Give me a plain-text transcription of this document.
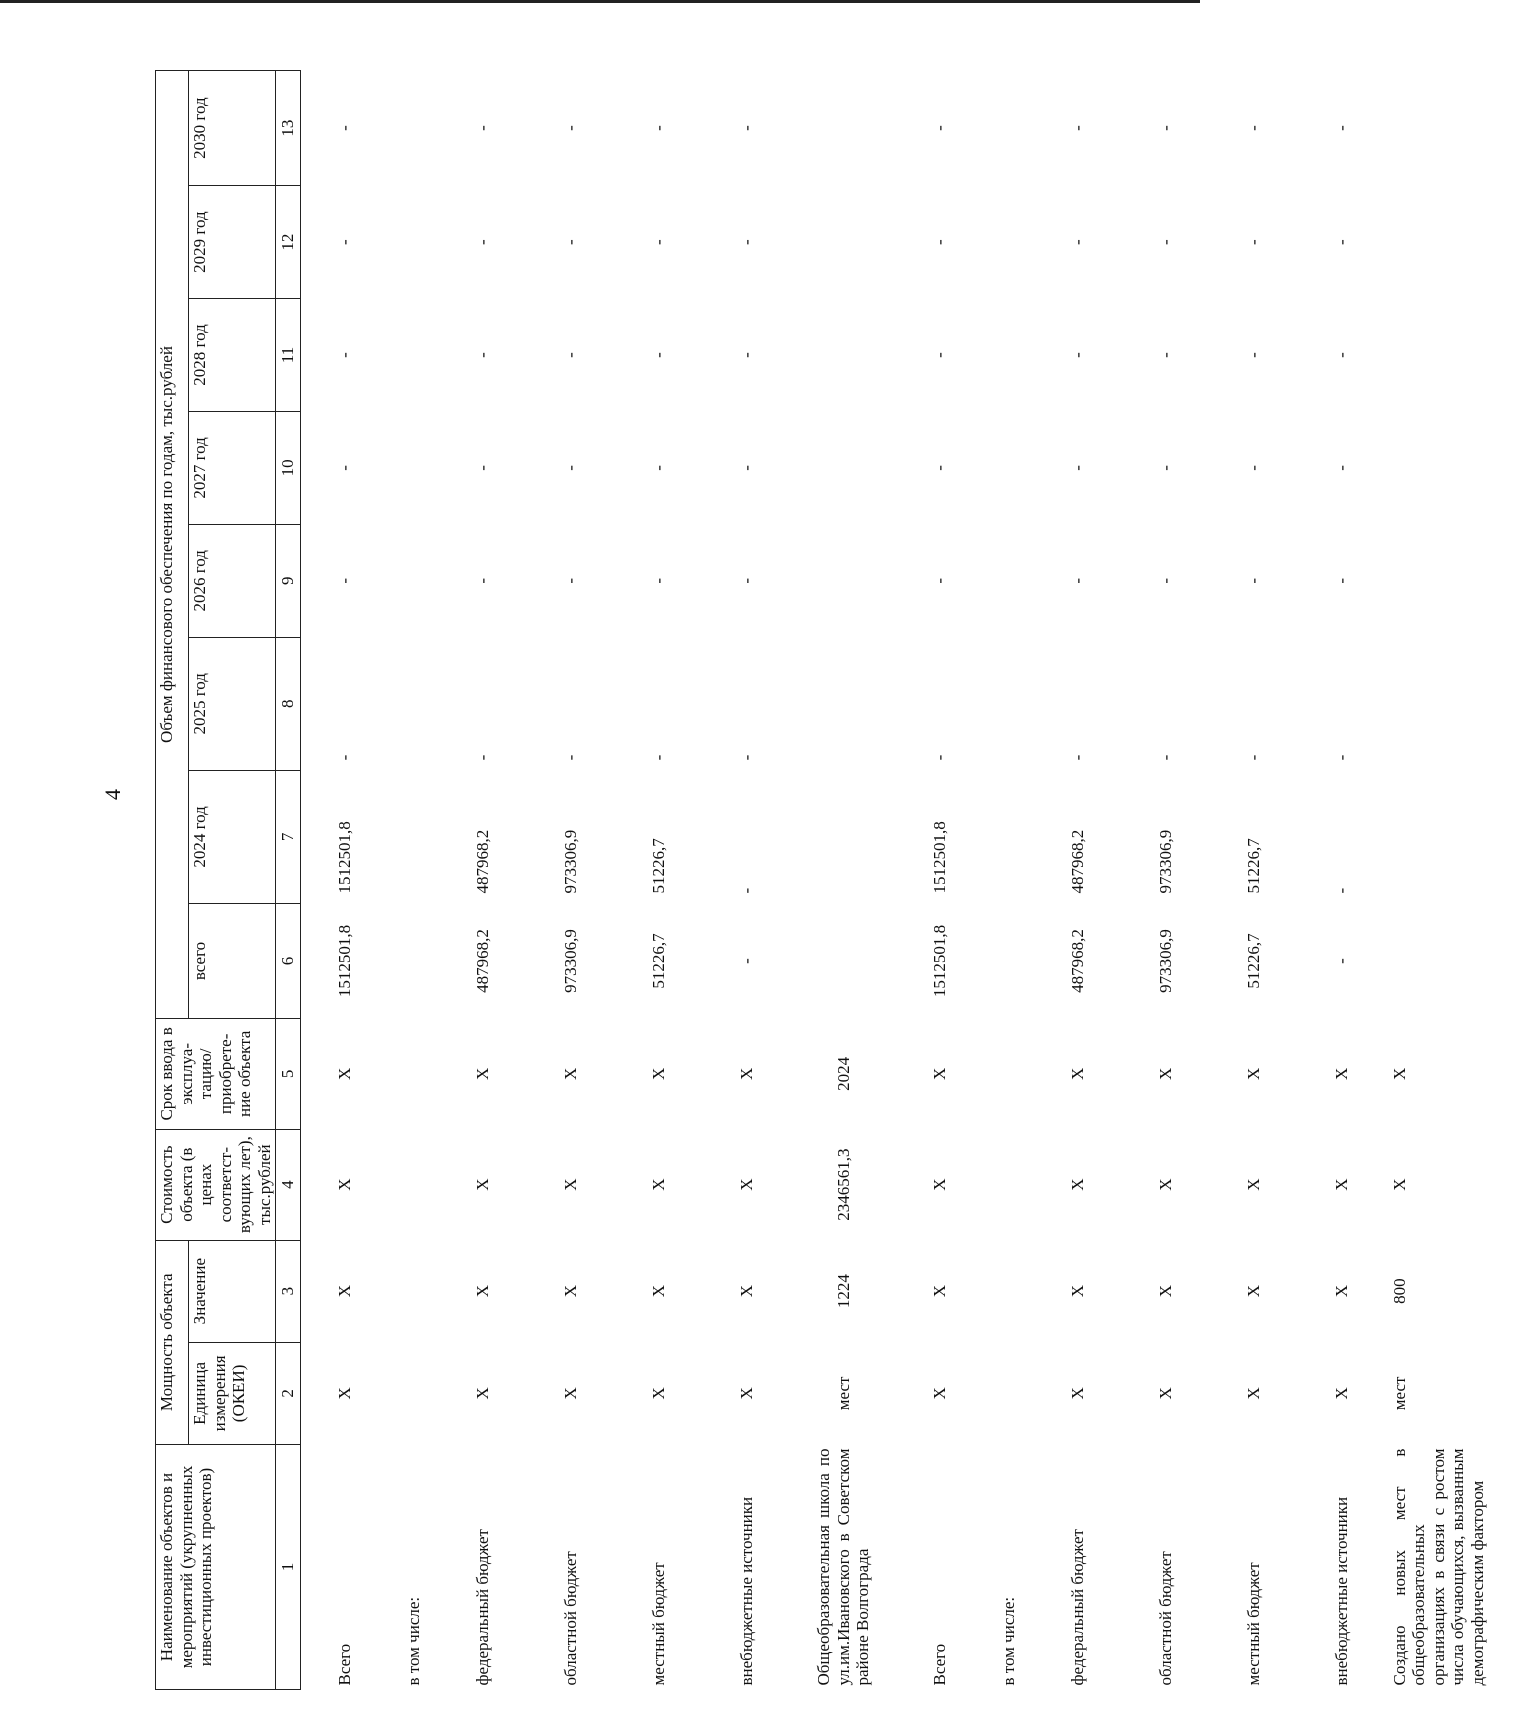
4
Наименование объектов и мероприятий (укрупненных инвестиционных проектов)	Мощность объекта		Стоимость объекта (в ценах соответст-вующих лет), тыс.рублей	Срок ввода в эксплуа-тацию/ приобрете-ние объекта	Объем финансового обеспечения по годам, тыс.рублей							
	Единица измерения (ОКЕИ)	Значение			всего	2024 год	2025 год	2026 год	2027 год	2028 год	2029 год	2030 год
1	2	3	4	5	6	7	8	9	10	11	12	13
Всего	X	X	X	X	1512501,8	1512501,8	-	-	-	-	-	-
в том числе:												
федеральный бюджет	X	X	X	X	487968,2	487968,2	-	-	-	-	-	-
областной бюджет	X	X	X	X	973306,9	973306,9	-	-	-	-	-	-
местный бюджет	X	X	X	X	51226,7	51226,7	-	-	-	-	-	-
внебюджетные источники	X	X	X	X	-	-	-	-	-	-	-	-
Общеобразовательная школа по ул.им.Ивановского в Советском районе Волгограда	мест	1224	2346561,3	2024								
Всего	X	X	X	X	1512501,8	1512501,8	-	-	-	-	-	-
в том числе:												
федеральный бюджет	X	X	X	X	487968,2	487968,2	-	-	-	-	-	-
областной бюджет	X	X	X	X	973306,9	973306,9	-	-	-	-	-	-
местный бюджет	X	X	X	X	51226,7	51226,7	-	-	-	-	-	-
внебюджетные источники	X	X	X	X	-	-	-	-	-	-	-	-
Создано новых мест в общеобразовательных организациях в связи с ростом числа обучающихся, вызванным демографическим фактором	мест	800	X	X								
